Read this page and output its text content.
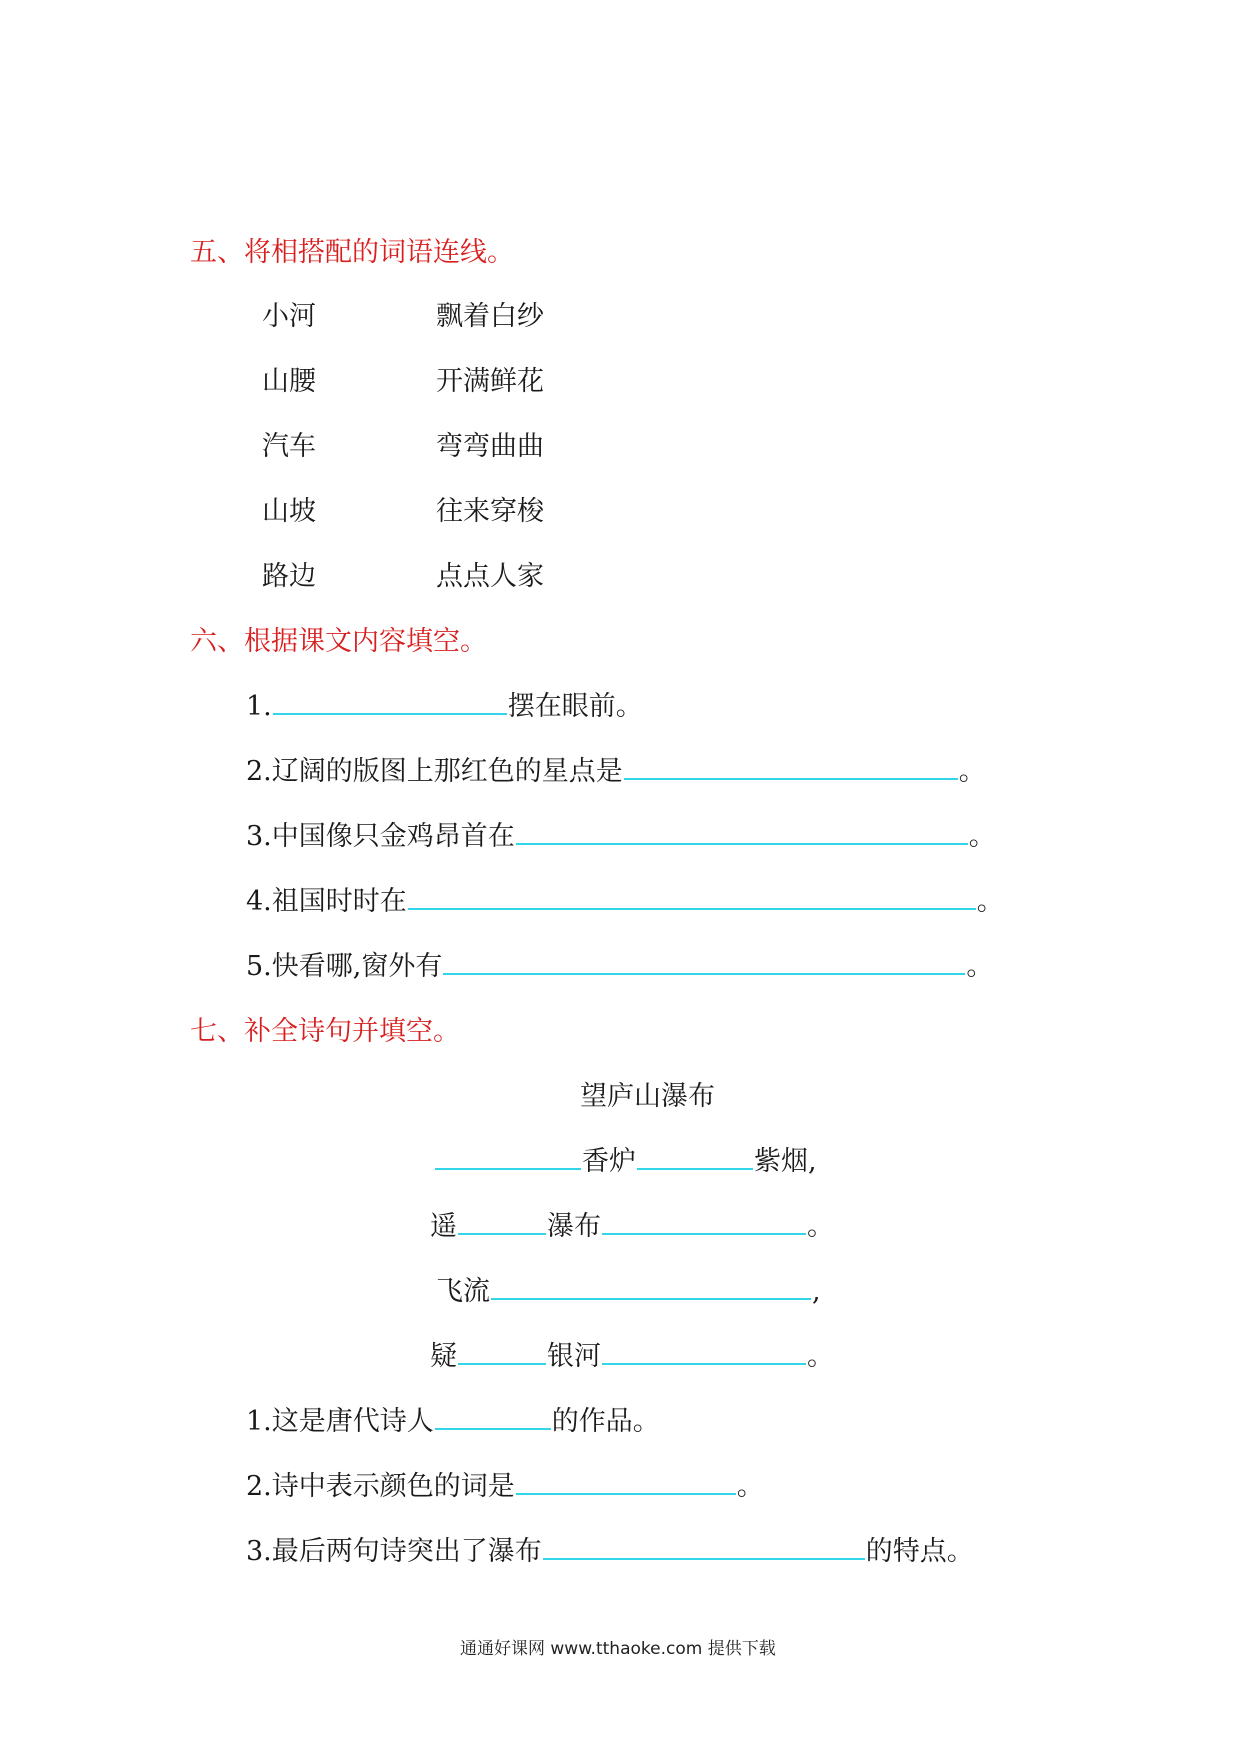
五、将相搭配的词语连线。
小河	飘着白纱
山腰	开满鲜花
汽车	弯弯曲曲
山坡	往来穿梭
路边	点点人家
六、根据课文内容填空。
1.	摆在眼前。
2.辽阔的版图上那红色的星点是	。
3.中国像只金鸡昂首在	。
4.祖国时时在	。
5.快看哪,窗外有	。
七、补全诗句并填空。
望庐山瀑布
香炉	紫烟,
遥	瀑布	。
飞流	,
疑	银河	。
1.这是唐代诗人	的作品。
2.诗中表示颜色的词是	。
3.最后两句诗突出了瀑布	的特点。
通通好课网 www.tthaoke.com 提供下载
